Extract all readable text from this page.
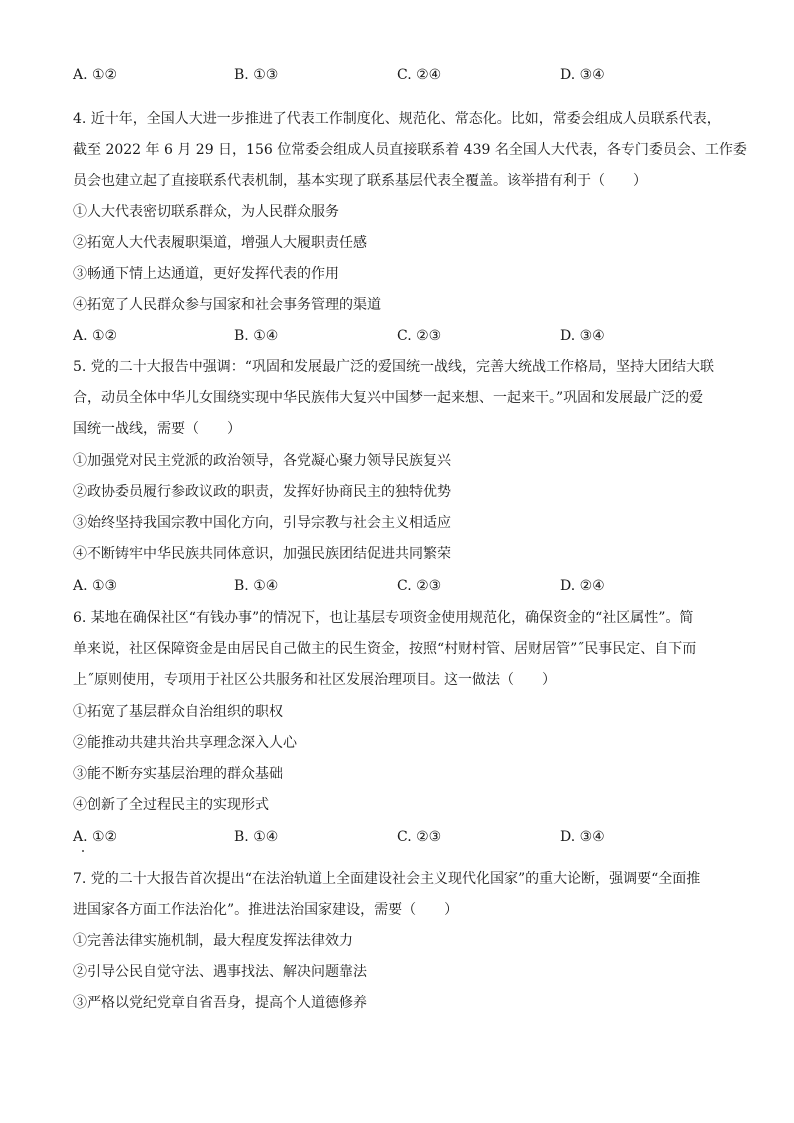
A. ①②	B. ①③	C. ②④	D. ③④
4. 近十年，全国人大进一步推进了代表工作制度化、规范化、常态化。比如，常委会组成人员联系代表，
截至 2022 年 6 月 29 日，156 位常委会组成人员直接联系着 439 名全国人大代表，各专门委员会、工作委
员会也建立起了直接联系代表机制，基本实现了联系基层代表全覆盖。该举措有利于（　　）
①人大代表密切联系群众，为人民群众服务
②拓宽人大代表履职渠道，增强人大履职责任感
③畅通下情上达通道，更好发挥代表的作用
④拓宽了人民群众参与国家和社会事务管理的渠道
A. ①②	B. ①④	C. ②③	D. ③④
5. 党的二十大报告中强调：“巩固和发展最广泛的爱国统一战线，完善大统战工作格局，坚持大团结大联
合，动员全体中华儿女围绕实现中华民族伟大复兴中国梦一起来想、一起来干。”巩固和发展最广泛的爱
国统一战线，需要（　　）
①加强党对民主党派的政治领导，各党凝心聚力领导民族复兴
②政协委员履行参政议政的职责，发挥好协商民主的独特优势
③始终坚持我国宗教中国化方向，引导宗教与社会主义相适应
④不断铸牢中华民族共同体意识，加强民族团结促进共同繁荣
A. ①③	B. ①④	C. ②③	D. ②④
6. 某地在确保社区“有钱办事”的情况下，也让基层专项资金使用规范化，确保资金的“社区属性”。简
单来说，社区保障资金是由居民自己做主的民生资金，按照“村财村管、居财居管”˝民事民定、自下而
上˝原则使用，专项用于社区公共服务和社区发展治理项目。这一做法（　　）
①拓宽了基层群众自治组织的职权
②能推动共建共治共享理念深入人心
③能不断夯实基层治理的群众基础
④创新了全过程民主的实现形式
A. ①②	B. ①④	C. ②③	D. ③④
7. 党的二十大报告首次提出“在法治轨道上全面建设社会主义现代化国家”的重大论断，强调要“全面推
进国家各方面工作法治化”。推进法治国家建设，需要（　　）
①完善法律实施机制，最大程度发挥法律效力
②引导公民自觉守法、遇事找法、解决问题靠法
③严格以党纪党章自省吾身，提高个人道德修养
